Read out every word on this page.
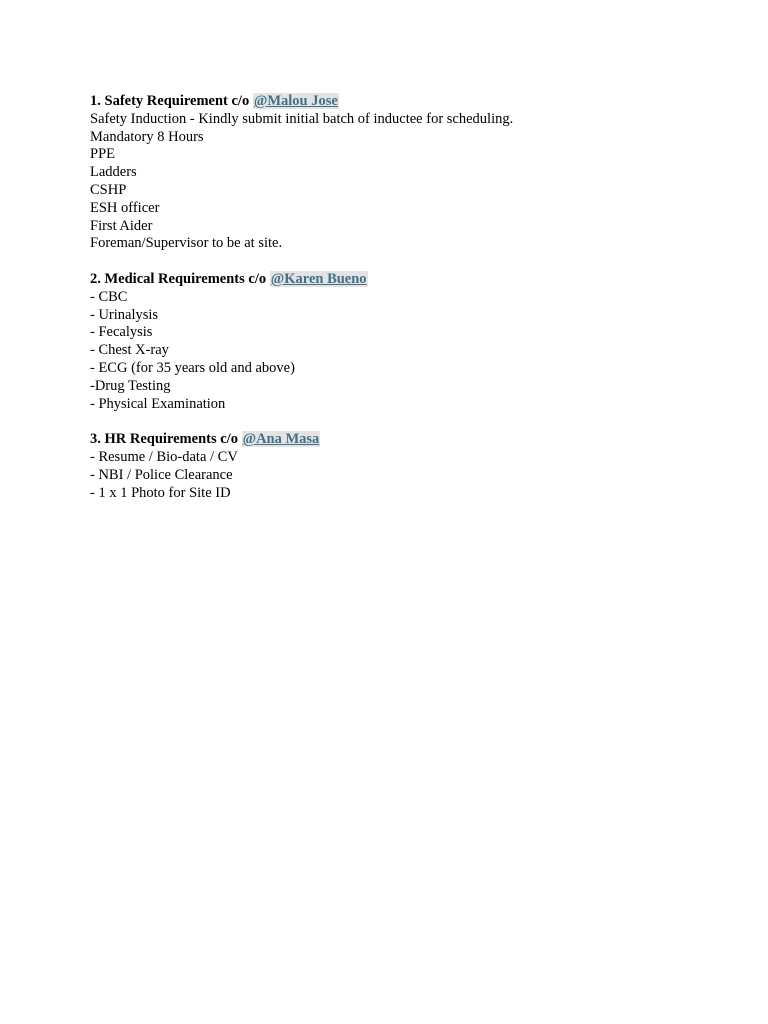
1. Safety Requirement c/o @Malou Jose
Safety Induction - Kindly submit initial batch of inductee for scheduling.
Mandatory 8 Hours
PPE
Ladders
CSHP
ESH officer
First Aider
Foreman/Supervisor to be at site.
2. Medical Requirements c/o @Karen Bueno
- CBC
- Urinalysis
- Fecalysis
- Chest X-ray
- ECG (for 35 years old and above)
-Drug Testing
- Physical Examination
3. HR Requirements c/o @Ana Masa
- Resume / Bio-data / CV
- NBI / Police Clearance
- 1 x 1 Photo for Site ID
